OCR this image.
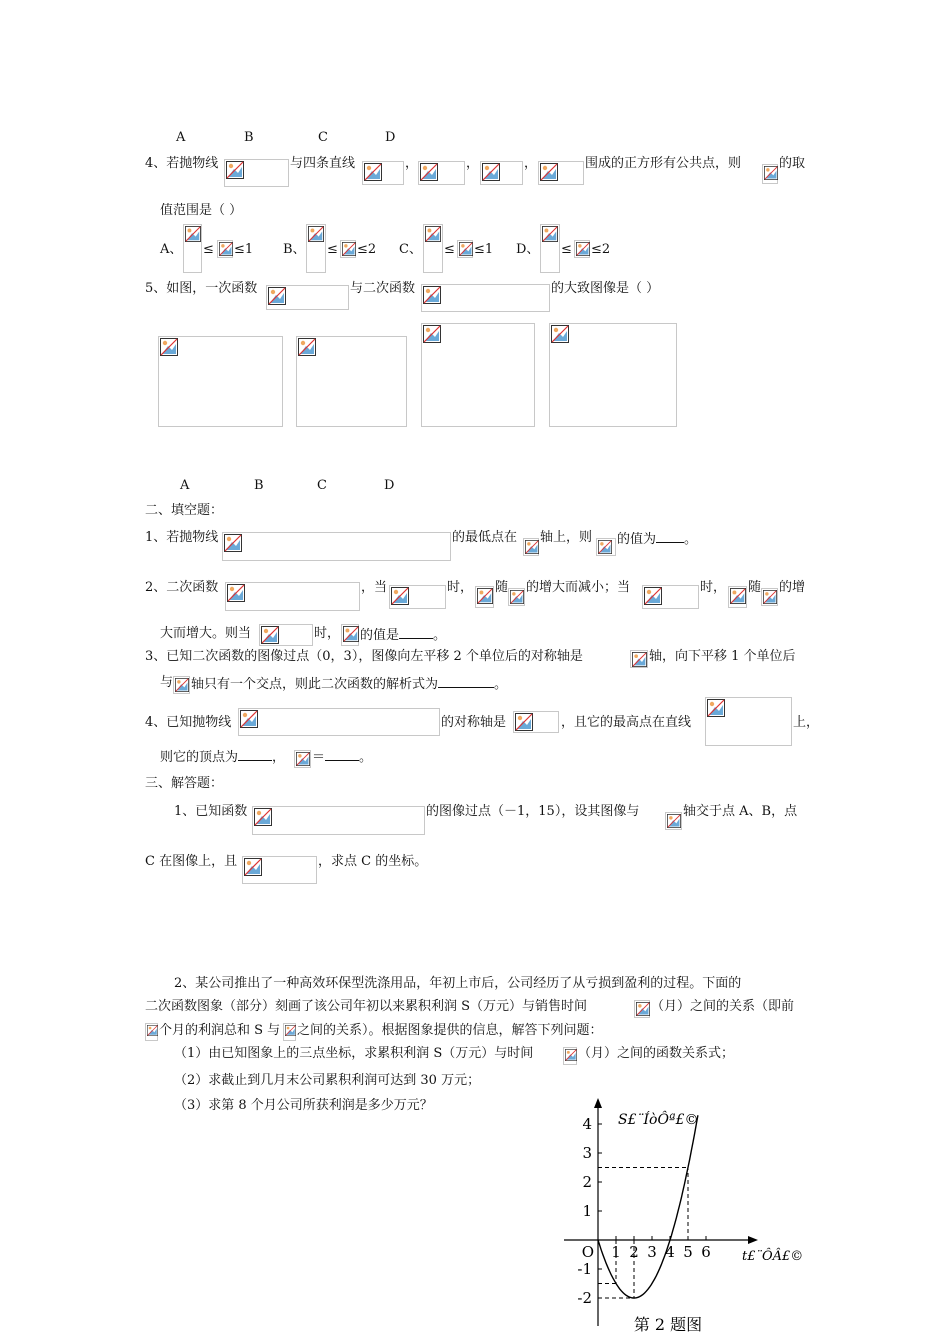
A	B	C	D
4、若抛物线	与四条直线	，	，	，	围成的正方形有公共点，则	的取
值范围是（ ）
A、 ≤ ≤1 B、 ≤ ≤2 C、 ≤ ≤1 D、 ≤ ≤2
5、如图，一次函数	与二次函数	的大致图像是（ ）
A	B	C	D
二、填空题：
1、若抛物线	的最低点在 轴上，则 的值为 。
2、二次函数	，当	时， 随 的增大而减小；当	时， 随 的增
大而增大。则当	时， 的值是	。
3、已知二次函数的图像过点（0，3），图像向左平移 2 个单位后的对称轴是	轴，向下平移 1 个单位后
与 轴只有一个交点，则此二次函数的解析式为	。
4、已知抛物线	的对称轴是	，且它的最高点在直线	上，
则它的顶点为	， ＝	。
三、解答题：
1、已知函数	的图像过点（－1，15），设其图像与	轴交于点 A、B，点
C 在图像上，且	，求点 C 的坐标。
2、某公司推出了一种高效环保型洗涤用品，年初上市后，公司经历了从亏损到盈利的过程。下面的
二次函数图象（部分）刻画了该公司年初以来累积利润 S（万元）与销售时间	（月）之间的关系（即前
个月的利润总和 S 与 之间的关系）。根据图象提供的信息，解答下列问题：
（1）由已知图象上的三点坐标，求累积利润 S（万元）与时间	（月）之间的函数关系式；
（2）求截止到几月末公司累积利润可达到 30 万元；
（3）求第 8 个月公司所获利润是多少万元？
1 2 3 4 5 6
4
3
2
1
-1
-2
O
S£¨ÍòÔª£©
t£¨ÔÂ£©
第 2 题图
